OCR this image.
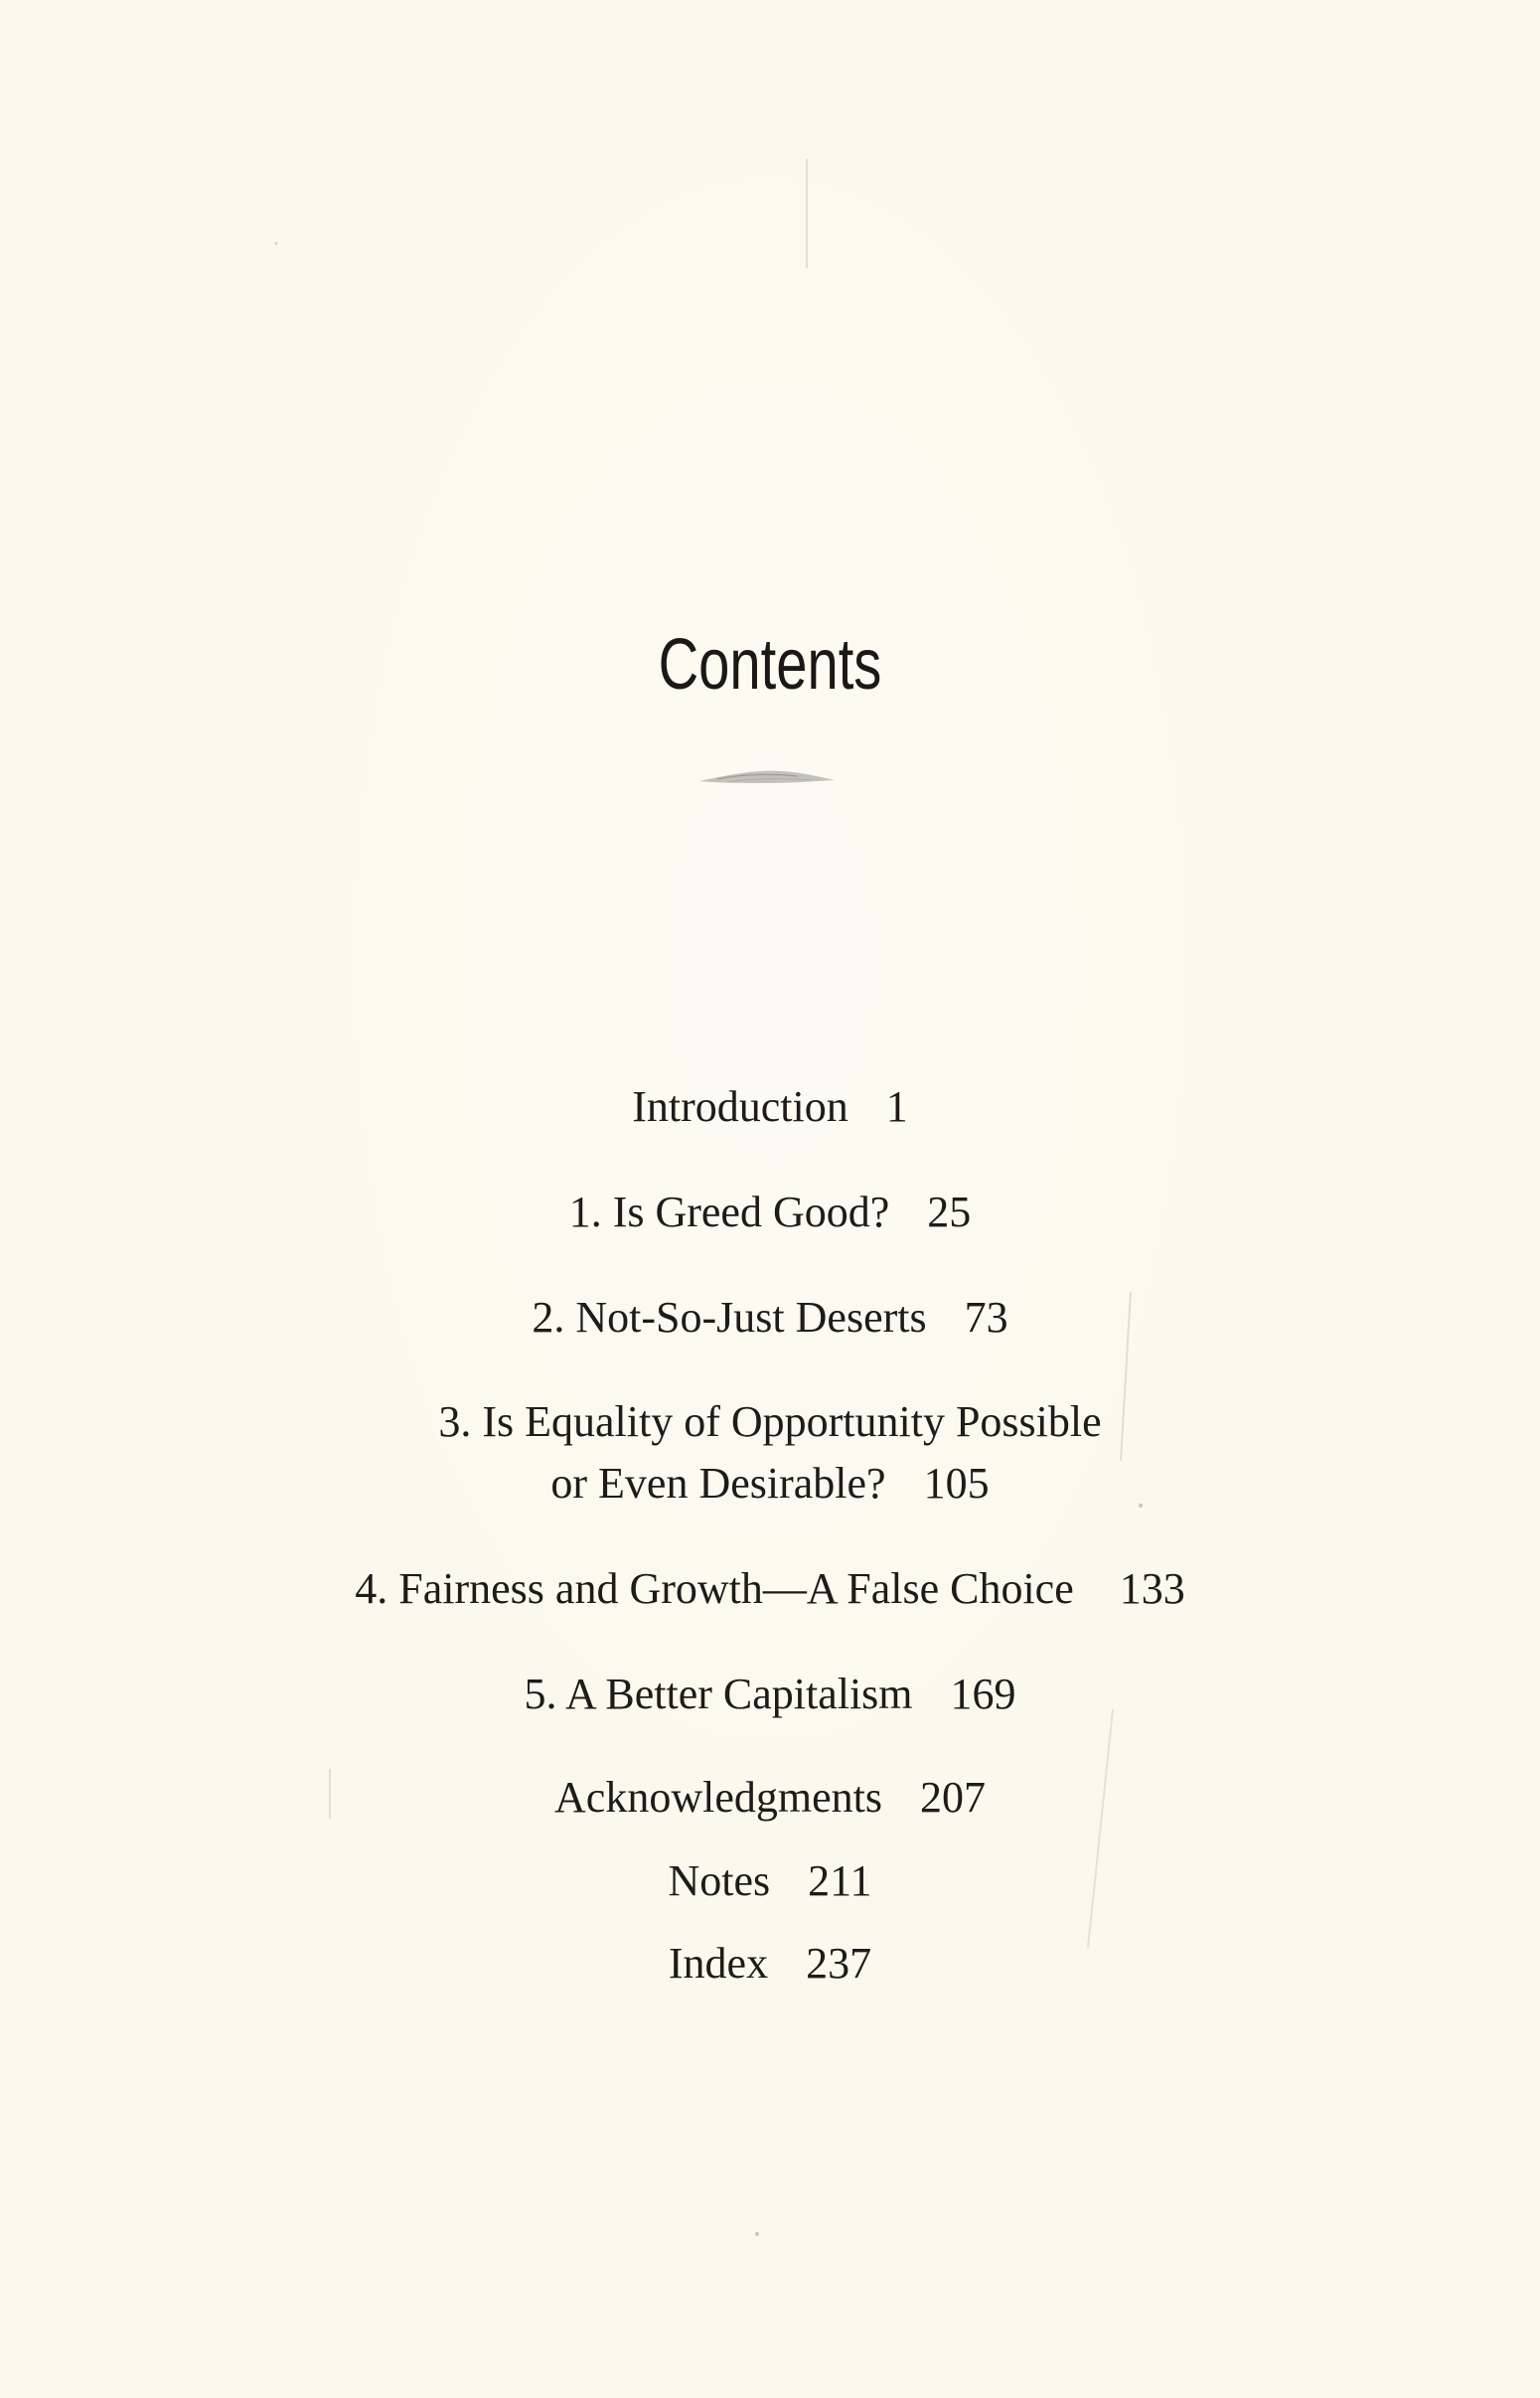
Contents
Introduction 1
1. Is Greed Good? 25
2. Not-So-Just Deserts 73
3. Is Equality of Opportunity Possible
or Even Desirable? 105
4. Fairness and Growth—A False Choice 133
5. A Better Capitalism 169
Acknowledgments 207
Notes 211
Index 237
